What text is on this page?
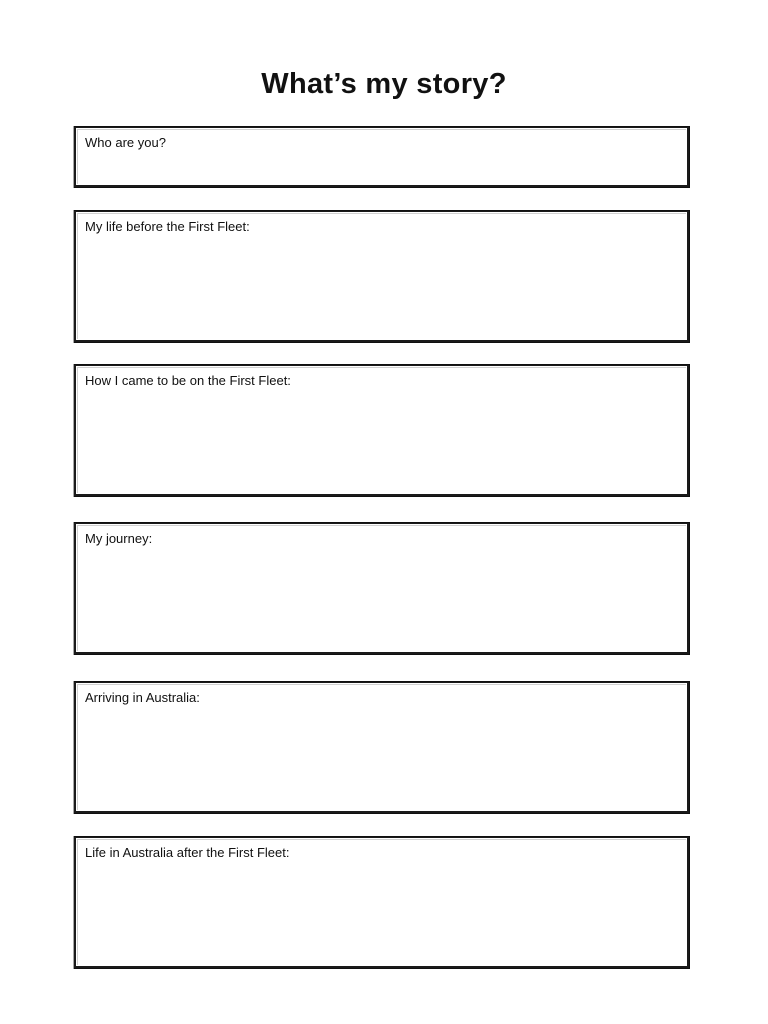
What’s my story?
Who are you?
My life before the First Fleet:
How I came to be on the First Fleet:
My journey:
Arriving in Australia:
Life in Australia after the First Fleet:
